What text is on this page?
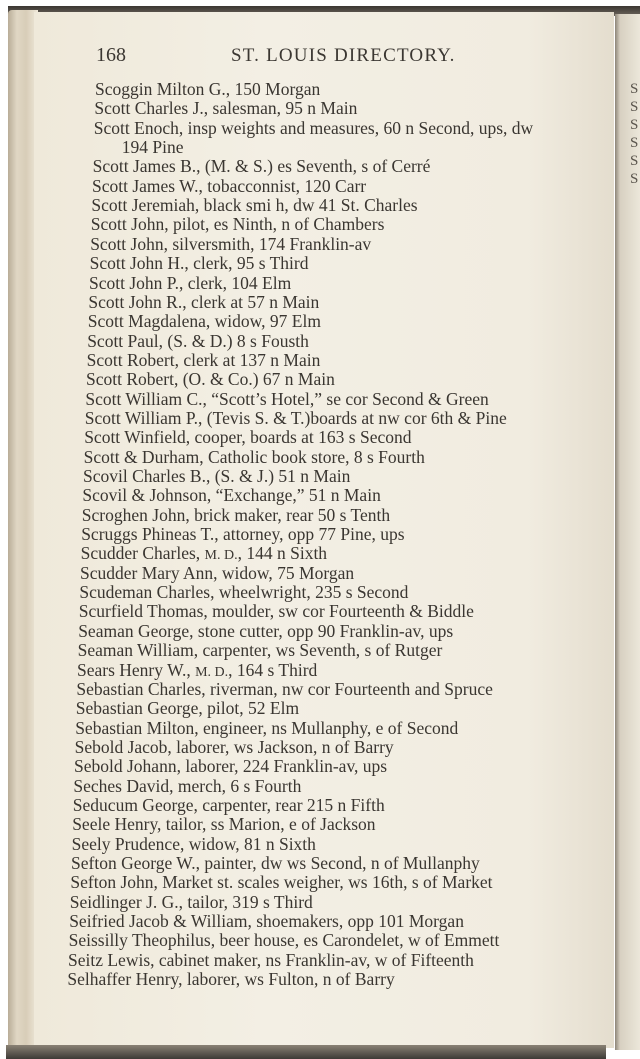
S
S
S
S
S
S
168	ST. LOUIS DIRECTORY.
Scoggin Milton G., 150 Morgan
Scott Charles J., salesman, 95 n Main
Scott Enoch, insp weights and measures, 60 n Second, ups, dw
194 Pine
Scott James B., (M. & S.) es Seventh, s of Cerré
Scott James W., tobacconnist, 120 Carr
Scott Jeremiah, black smi h, dw 41 St. Charles
Scott John, pilot, es Ninth, n of Chambers
Scott John, silversmith, 174 Franklin-av
Scott John H., clerk, 95 s Third
Scott John P., clerk, 104 Elm
Scott John R., clerk at 57 n Main
Scott Magdalena, widow, 97 Elm
Scott Paul, (S. & D.) 8 s Fousth
Scott Robert, clerk at 137 n Main
Scott Robert, (O. & Co.) 67 n Main
Scott William C., “Scott’s Hotel,” se cor Second & Green
Scott William P., (Tevis S. & T.)boards at nw cor 6th & Pine
Scott Winfield, cooper, boards at 163 s Second
Scott & Durham, Catholic book store, 8 s Fourth
Scovil Charles B., (S. & J.) 51 n Main
Scovil & Johnson, “Exchange,” 51 n Main
Scroghen John, brick maker, rear 50 s Tenth
Scruggs Phineas T., attorney, opp 77 Pine, ups
Scudder Charles, M. D., 144 n Sixth
Scudder Mary Ann, widow, 75 Morgan
Scudeman Charles, wheelwright, 235 s Second
Scurfield Thomas, moulder, sw cor Fourteenth & Biddle
Seaman George, stone cutter, opp 90 Franklin-av, ups
Seaman William, carpenter, ws Seventh, s of Rutger
Sears Henry W., M. D., 164 s Third
Sebastian Charles, riverman, nw cor Fourteenth and Spruce
Sebastian George, pilot, 52 Elm
Sebastian Milton, engineer, ns Mullanphy, e of Second
Sebold Jacob, laborer, ws Jackson, n of Barry
Sebold Johann, laborer, 224 Franklin-av, ups
Seches David, merch, 6 s Fourth
Seducum George, carpenter, rear 215 n Fifth
Seele Henry, tailor, ss Marion, e of Jackson
Seely Prudence, widow, 81 n Sixth
Sefton George W., painter, dw ws Second, n of Mullanphy
Sefton John, Market st. scales weigher, ws 16th, s of Market
Seidlinger J. G., tailor, 319 s Third
Seifried Jacob & William, shoemakers, opp 101 Morgan
Seissilly Theophilus, beer house, es Carondelet, w of Emmett
Seitz Lewis, cabinet maker, ns Franklin-av, w of Fifteenth
Selhaffer Henry, laborer, ws Fulton, n of Barry
